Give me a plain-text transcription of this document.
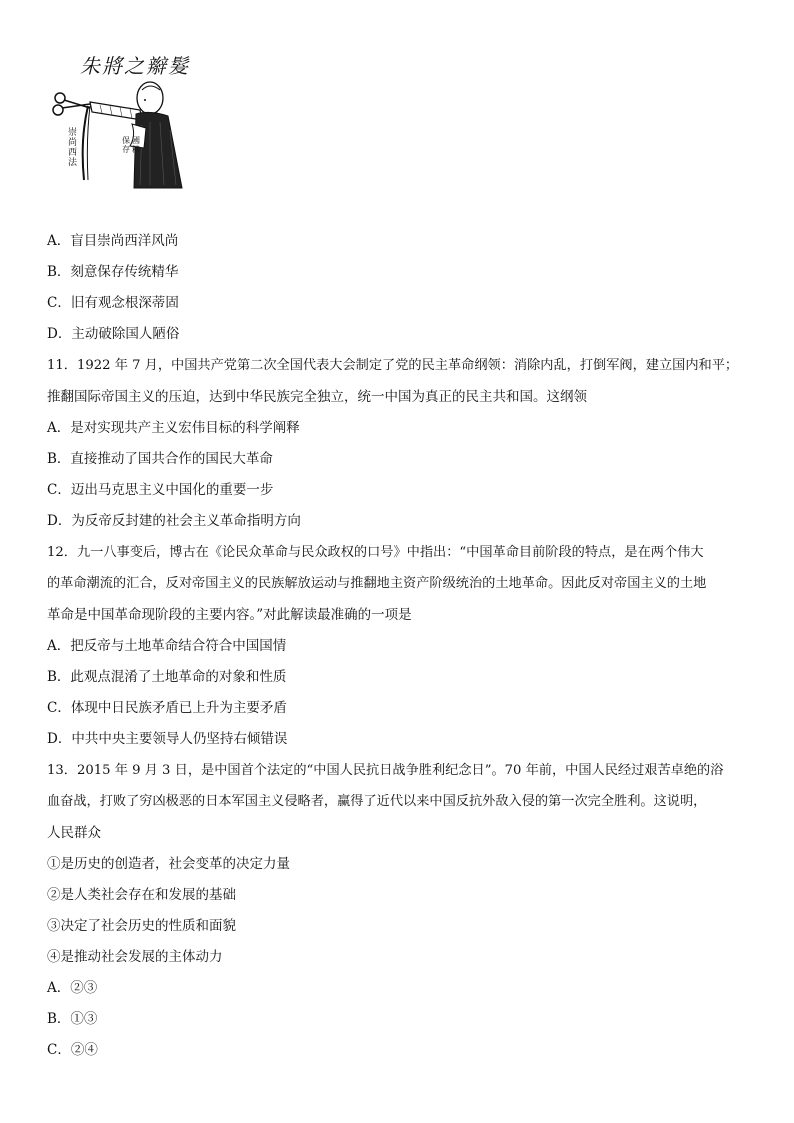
朱將之辮髮
崇尚西法
保存
國粹
A．盲目崇尚西洋风尚
B．刻意保存传统精华
C．旧有观念根深蒂固
D．主动破除国人陋俗
11．1922 年 7 月，中国共产党第二次全国代表大会制定了党的民主革命纲领：消除内乱，打倒军阀，建立国内和平；
推翻国际帝国主义的压迫，达到中华民族完全独立，统一中国为真正的民主共和国。这纲领
A．是对实现共产主义宏伟目标的科学阐释
B．直接推动了国共合作的国民大革命
C．迈出马克思主义中国化的重要一步
D．为反帝反封建的社会主义革命指明方向
12．九一八事变后，博古在《论民众革命与民众政权的口号》中指出：“中国革命目前阶段的特点，是在两个伟大
的革命潮流的汇合，反对帝国主义的民族解放运动与推翻地主资产阶级统治的土地革命。因此反对帝国主义的土地
革命是中国革命现阶段的主要内容。”对此解读最准确的一项是
A．把反帝与土地革命结合符合中国国情
B．此观点混淆了土地革命的对象和性质
C．体现中日民族矛盾已上升为主要矛盾
D．中共中央主要领导人仍坚持右倾错误
13．2015 年 9 月 3 日，是中国首个法定的“中国人民抗日战争胜利纪念日”。70 年前，中国人民经过艰苦卓绝的浴
血奋战，打败了穷凶极恶的日本军国主义侵略者，赢得了近代以来中国反抗外敌入侵的第一次完全胜利。这说明，
人民群众
①是历史的创造者，社会变革的决定力量
②是人类社会存在和发展的基础
③决定了社会历史的性质和面貌
④是推动社会发展的主体动力
A．②③
B．①③
C．②④
